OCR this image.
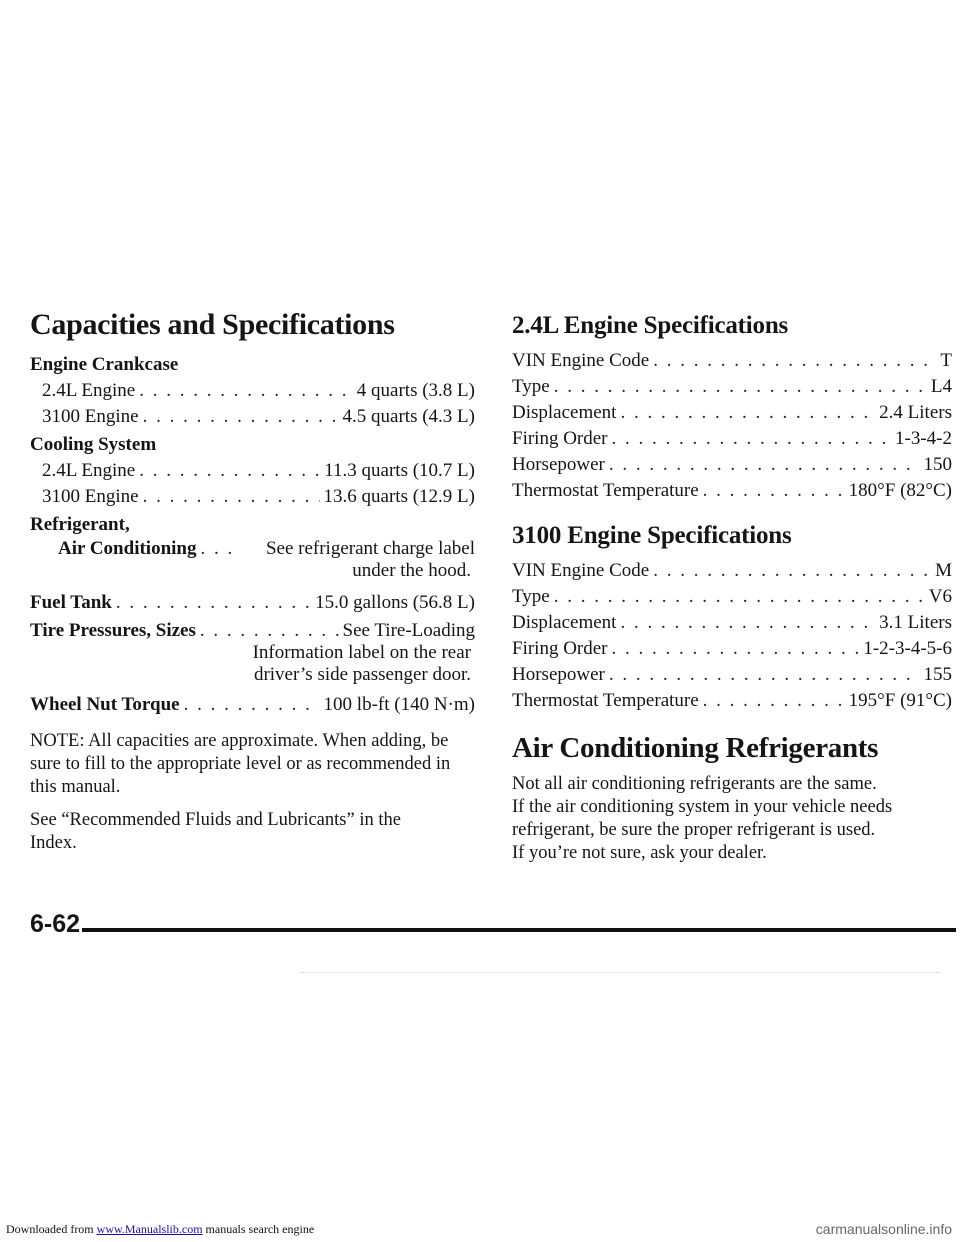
Capacities and Specifications
Engine Crankcase
2.4L Engine . . .	4 quarts (3.8 L)
3100 Engine . . .	4.5 quarts (4.3 L)
Cooling System
2.4L Engine . . .	11.3 quarts (10.7 L)
3100 Engine . . .	13.6 quarts (12.9 L)
Refrigerant,
Air Conditioning . . .	See refrigerant charge label
under the hood.
Fuel Tank . . .	15.0 gallons (56.8 L)
Tire Pressures, Sizes . . .	See Tire-Loading
Information label on the rear
driver’s side passenger door.
Wheel Nut Torque . . .	100 lb-ft (140 N·m)

NOTE: All capacities are approximate. When adding, be sure to fill to the appropriate level or as recommended in this manual.

See “Recommended Fluids and Lubricants” in the Index.

2.4L Engine Specifications
VIN Engine Code . . .	T
Type . . .	L4
Displacement . . .	2.4 Liters
Firing Order . . .	1-3-4-2
Horsepower . . .	150
Thermostat Temperature . . .	180°F (82°C)
3100 Engine Specifications
VIN Engine Code . . .	M
Type . . .	V6
Displacement . . .	3.1 Liters
Firing Order . . .	1-2-3-4-5-6
Horsepower . . .	155
Thermostat Temperature . . .	195°F (91°C)
Air Conditioning Refrigerants

Not all air conditioning refrigerants are the same.

If the air conditioning system in your vehicle needs

refrigerant, be sure the proper refrigerant is used.

If you’re not sure, ask your dealer.

6-62
Downloaded from www.Manualslib.com manuals search engine	carmanualsonline.info
